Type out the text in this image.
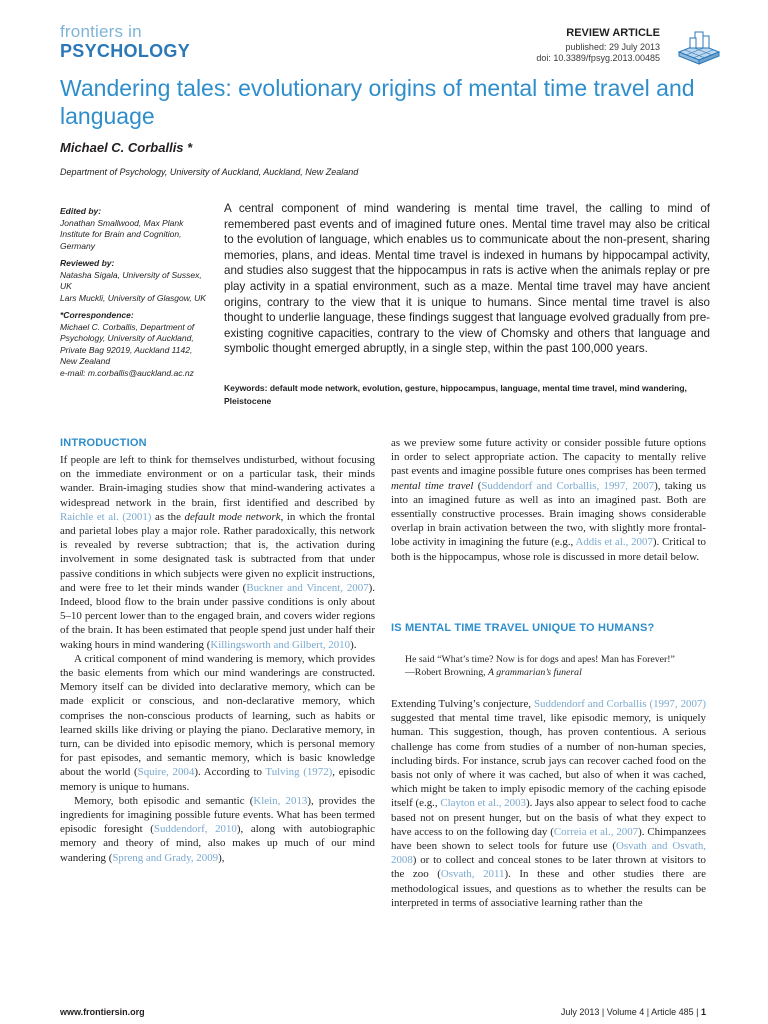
frontiers in
PSYCHOLOGY
REVIEW ARTICLE
published: 29 July 2013
doi: 10.3389/fpsyg.2013.00485
Wandering tales: evolutionary origins of mental time travel and language
Michael C. Corballis *
Department of Psychology, University of Auckland, Auckland, New Zealand
Edited by:
Jonathan Smallwood, Max Plank Institute for Brain and Cognition, Germany
Reviewed by:
Natasha Sigala, University of Sussex, UK
Lars Muckli, University of Glasgow, UK
*Correspondence:
Michael C. Corballis, Department of Psychology, University of Auckland, Private Bag 92019, Auckland 1142, New Zealand
e-mail: m.corballis@auckland.ac.nz
A central component of mind wandering is mental time travel, the calling to mind of remembered past events and of imagined future ones. Mental time travel may also be critical to the evolution of language, which enables us to communicate about the non-present, sharing memories, plans, and ideas. Mental time travel is indexed in humans by hippocampal activity, and studies also suggest that the hippocampus in rats is active when the animals replay or pre play activity in a spatial environment, such as a maze. Mental time travel may have ancient origins, contrary to the view that it is unique to humans. Since mental time travel is also thought to underlie language, these findings suggest that language evolved gradually from pre-existing cognitive capacities, contrary to the view of Chomsky and others that language and symbolic thought emerged abruptly, in a single step, within the past 100,000 years.
Keywords: default mode network, evolution, gesture, hippocampus, language, mental time travel, mind wandering, Pleistocene
INTRODUCTION

If people are left to think for themselves undisturbed, without focusing on the immediate environment or on a particular task, their minds wander. Brain-imaging studies show that mind-wandering activates a widespread network in the brain, first identified and described by Raichle et al. (2001) as the default mode network, in which the frontal and parietal lobes play a major role. Rather paradoxically, this network is revealed by reverse subtraction; that is, the activation during involvement in some designated task is subtracted from that under passive conditions in which subjects were given no explicit instructions, and were free to let their minds wander (Buckner and Vincent, 2007). Indeed, blood flow to the brain under passive conditions is only about 5–10 percent lower than to the engaged brain, and covers wider regions of the brain. It has been estimated that people spend just under half their waking hours in mind wandering (Killingsworth and Gilbert, 2010).

A critical component of mind wandering is memory, which provides the basic elements from which our mind wanderings are constructed. Memory itself can be divided into declarative memory, which can be made explicit or conscious, and non-declarative memory, which comprises the non-conscious products of learning, such as habits or learned skills like driving or playing the piano. Declarative memory, in turn, can be divided into episodic memory, which is personal memory for past episodes, and semantic memory, which is basic knowledge about the world (Squire, 2004). According to Tulving (1972), episodic memory is unique to humans.

Memory, both episodic and semantic (Klein, 2013), provides the ingredients for imagining possible future events. What has been termed episodic foresight (Suddendorf, 2010), along with autobiographic memory and theory of mind, also makes up much of our mind wandering (Spreng and Grady, 2009),

as we preview some future activity or consider possible future options in order to select appropriate action. The capacity to mentally relive past events and imagine possible future ones comprises has been termed mental time travel (Suddendorf and Corballis, 1997, 2007), taking us into an imagined future as well as into an imagined past. Both are essentially constructive processes. Brain imaging shows considerable overlap in brain activation between the two, with slightly more frontal-lobe activity in imagining the future (e.g., Addis et al., 2007). Critical to both is the hippocampus, whose role is discussed in more detail below.

IS MENTAL TIME TRAVEL UNIQUE TO HUMANS?
He said “What’s time? Now is for dogs and apes! Man has Forever!”
—Robert Browning, A grammarian’s funeral

Extending Tulving’s conjecture, Suddendorf and Corballis (1997, 2007) suggested that mental time travel, like episodic memory, is uniquely human. This suggestion, though, has proven contentious. A serious challenge has come from studies of a number of non-human species, including birds. For instance, scrub jays can recover cached food on the basis not only of where it was cached, but also of when it was cached, which might be taken to imply episodic memory of the caching episode itself (e.g., Clayton et al., 2003). Jays also appear to select food to cache based not on present hunger, but on the basis of what they expect to have access to on the following day (Correia et al., 2007). Chimpanzees have been shown to select tools for future use (Osvath and Osvath, 2008) or to collect and conceal stones to be later thrown at visitors to the zoo (Osvath, 2011). In these and other studies there are methodological issues, and questions as to whether the results can be interpreted in terms of associative learning rather than the

www.frontiersin.org	July 2013 | Volume 4 | Article 485 | 1
